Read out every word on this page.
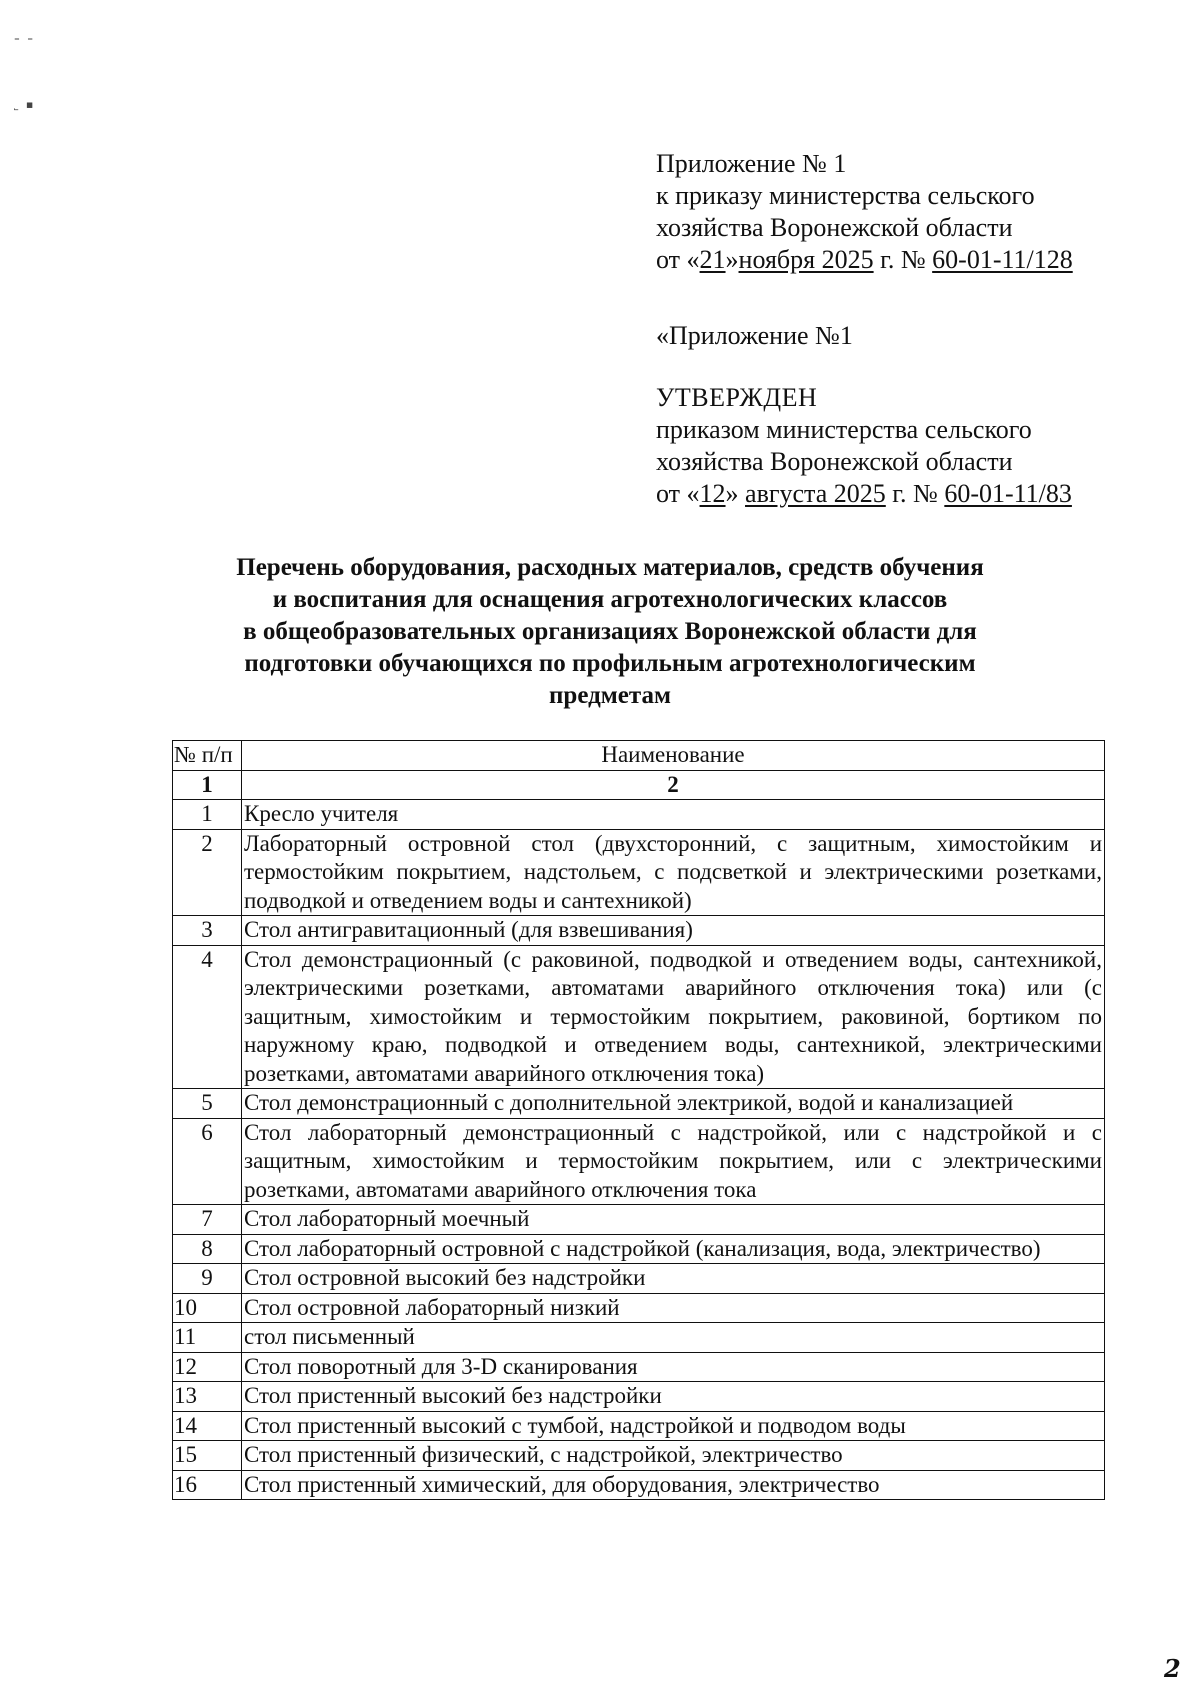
⁼ ⁼
˾ ▪
Приложение № 1
к приказу министерства сельского
хозяйства Воронежской области
от «21»ноября 2025 г. № 60-01-11/128
«Приложение №1
УТВЕРЖДЕН
приказом министерства сельского
хозяйства Воронежской области
от «12» августа 2025 г. № 60-01-11/83
Перечень оборудования, расходных материалов, средств обучения
и воспитания для оснащения агротехнологических классов
в общеобразовательных организациях Воронежской области для
подготовки обучающихся по профильным агротехнологическим
предметам
№ п/п	Наименование
1	2
1	Кресло учителя
2	Лабораторный островной стол (двухсторонний, с защитным, химостойким и термостойким покрытием, надстольем, с подсветкой и электрическими розетками, подводкой и отведением воды и сантехникой)
3	Стол антигравитационный (для взвешивания)
4	Стол демонстрационный (с раковиной, подводкой и отведением воды, сантехникой, электрическими розетками, автоматами аварийного отключения тока) или (с защитным, химостойким и термостойким покрытием, раковиной, бортиком по наружному краю, подводкой и отведением воды, сантехникой, электрическими розетками, автоматами аварийного отключения тока)
5	Стол демонстрационный с дополнительной электрикой, водой и канализацией
6	Стол лабораторный демонстрационный с надстройкой, или с надстройкой и с защитным, химостойким и термостойким покрытием, или с электрическими розетками, автоматами аварийного отключения тока
7	Стол лабораторный моечный
8	Стол лабораторный островной с надстройкой (канализация, вода, электричество)
9	Стол островной высокий без надстройки
10	Стол островной лабораторный низкий
11	стол письменный
12	Стол поворотный для 3-D сканирования
13	Стол пристенный высокий без надстройки
14	Стол пристенный высокий с тумбой, надстройкой и подводом воды
15	Стол пристенный физический, с надстройкой, электричество
16	Стол пристенный химический, для оборудования, электричество
2
